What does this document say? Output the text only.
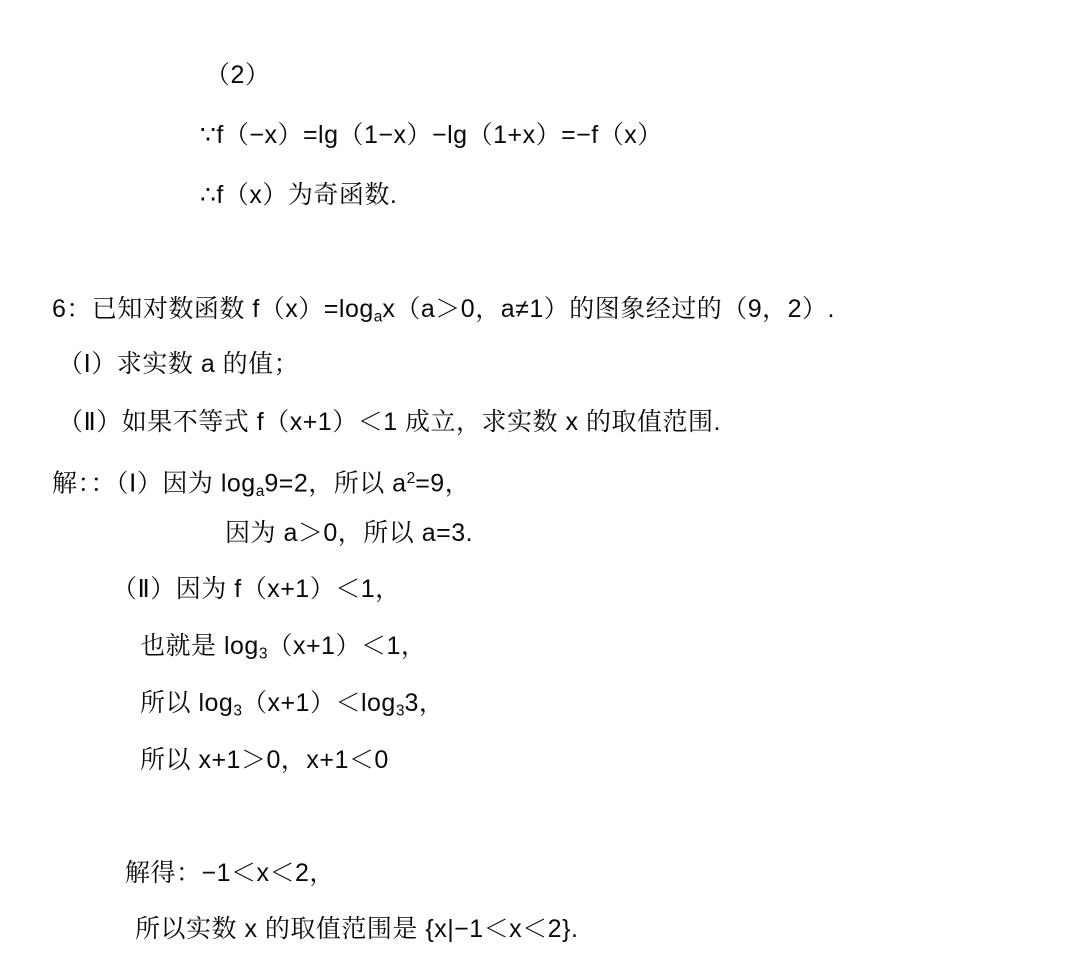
（2）
∵f（−x）=lg（1−x）−lg（1+x）=−f（x）
∴f（x）为奇函数.
6：已知对数函数 $f(x)=\log_ax(a>0$，a≠1）的图象经过的（9，2）.
（Ⅰ）求实数 a 的值；
（Ⅱ）如果不等式 f（x+1）＜1 成立，求实数 x 的取值范围.
解：：（Ⅰ）因为 $\log_a9=2$，所以 $a^2=9$，
因为 a＞0，所以 a=3.
（Ⅱ）因为 f（x+1）＜1，
也就是 $\log_3(x+1)<1$，
所以 $\log_3(x+1)<\log_33$，
所以 x+1＞0，x+1＜0
解得：−1＜x＜2，
所以实数 x 的取值范围是 {x|−1＜x＜2}.
